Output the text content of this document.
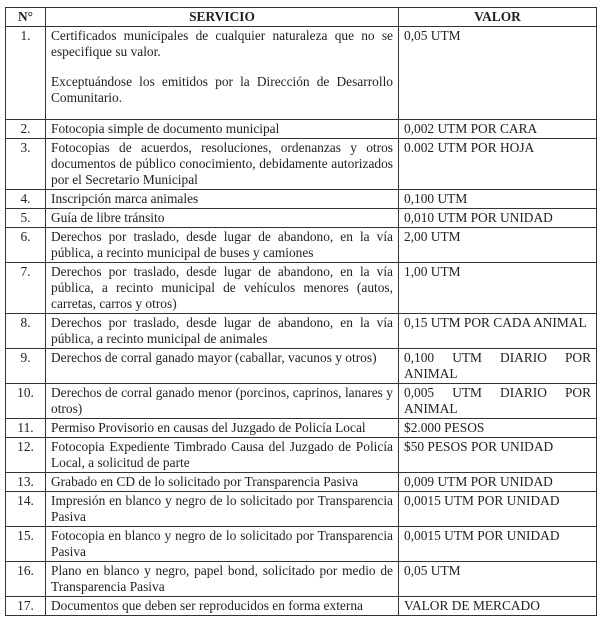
N°	SERVICIO	VALOR
1.	Certificados municipales de cualquier naturaleza que no se especifique su valor.

Exceptuándose los emitidos por la Dirección de Desarrollo Comunitario.	0,05 UTM
2.	Fotocopia simple de documento municipal	0,002 UTM POR CARA
3.	Fotocopias de acuerdos, resoluciones, ordenanzas y otros documentos de público conocimiento, debidamente autorizados por el Secretario Municipal	0.002 UTM POR HOJA
4.	Inscripción marca animales	0,100 UTM
5.	Guía de libre tránsito	0,010 UTM POR UNIDAD
6.	Derechos por traslado, desde lugar de abandono, en la vía pública, a recinto municipal de buses y camiones	2,00 UTM
7.	Derechos por traslado, desde lugar de abandono, en la vía pública, a recinto municipal de vehículos menores (autos, carretas, carros y otros)	1,00 UTM
8.	Derechos por traslado, desde lugar de abandono, en la vía pública, a recinto municipal de animales	0,15 UTM POR CADA ANIMAL
9.	Derechos de corral ganado mayor (caballar, vacunos y otros)	0,100 UTM DIARIO POR ANIMAL
10.	Derechos de corral ganado menor (porcinos, caprinos, lanares y otros)	0,005 UTM DIARIO POR ANIMAL
11.	Permiso Provisorio en causas del Juzgado de Policía Local	$2.000 PESOS
12.	Fotocopia Expediente Timbrado Causa del Juzgado de Policía Local, a solicitud de parte	$50 PESOS POR UNIDAD
13.	Grabado en CD de lo solicitado por Transparencia Pasiva	0,009 UTM POR UNIDAD
14.	Impresión en blanco y negro de lo solicitado por Transparencia Pasiva	0,0015 UTM POR UNIDAD
15.	Fotocopia en blanco y negro de lo solicitado por Transparencia Pasiva	0,0015 UTM POR UNIDAD
16.	Plano en blanco y negro, papel bond, solicitado por medio de Transparencia Pasiva	0,05 UTM
17.	Documentos que deben ser reproducidos en forma externa	VALOR DE MERCADO
